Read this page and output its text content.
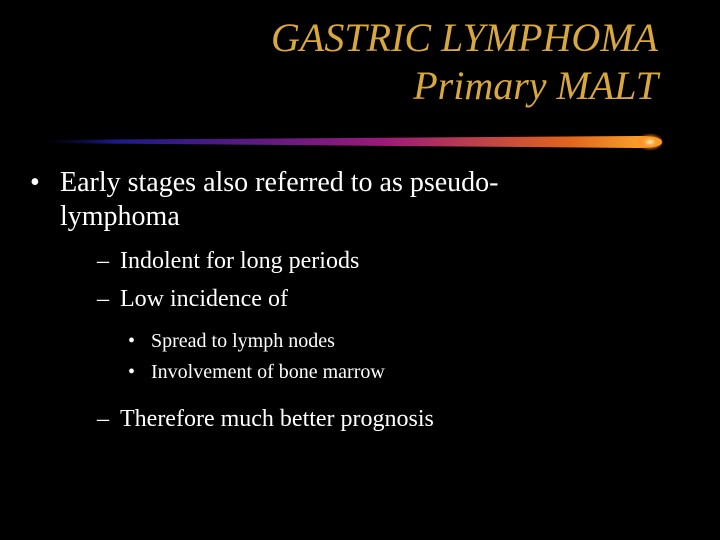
GASTRIC LYMPHOMA
Primary MALT
• Early stages also referred to as pseudo-
lymphoma
– Indolent for long periods
– Low incidence of
• Spread to lymph nodes
• Involvement of bone marrow
– Therefore much better prognosis
